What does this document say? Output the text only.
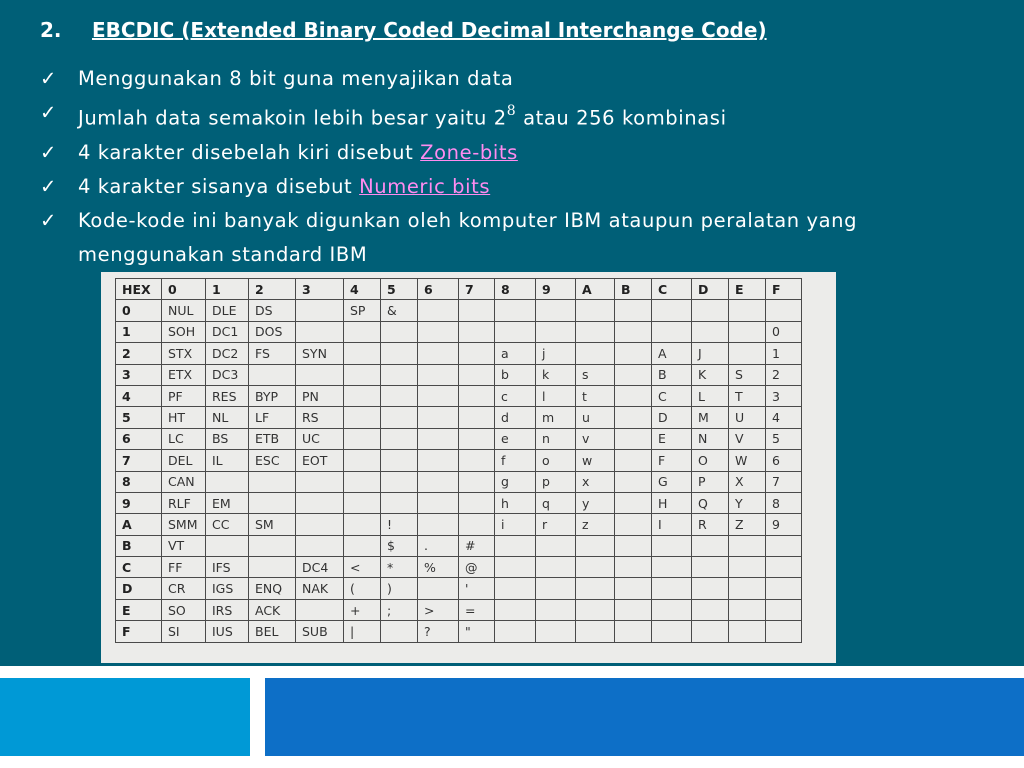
2. EBCDIC (Extended Binary Coded Decimal Interchange Code)
✓	Menggunakan 8 bit guna menyajikan data
✓	Jumlah data semakoin lebih besar yaitu $2^8$ atau 256 kombinasi
✓	4 karakter disebelah kiri disebut Zone-bits
✓	4 karakter sisanya disebut Numeric bits
✓	Kode-kode ini banyak digunkan oleh komputer IBM ataupun peralatan yang menggunakan standard IBM
HEX	0	1	2	3	4	5	6	7	8	9	A	B	C	D	E	F
0	NUL	DLE	DS		SP	&										
1	SOH	DC1	DOS													0
2	STX	DC2	FS	SYN					a	j			A	J		1
3	ETX	DC3							b	k	s		B	K	S	2
4	PF	RES	BYP	PN					c	l	t		C	L	T	3
5	HT	NL	LF	RS					d	m	u		D	M	U	4
6	LC	BS	ETB	UC					e	n	v		E	N	V	5
7	DEL	IL	ESC	EOT					f	o	w		F	O	W	6
8	CAN								g	p	x		G	P	X	7
9	RLF	EM							h	q	y		H	Q	Y	8
A	SMM	CC	SM			!			i	r	z		I	R	Z	9
B	VT					$	.	#								
C	FF	IFS		DC4	<	*	%	@								
D	CR	IGS	ENQ	NAK	(	)		'								
E	SO	IRS	ACK		+	;	>	=								
F	SI	IUS	BEL	SUB	|		?	"								
